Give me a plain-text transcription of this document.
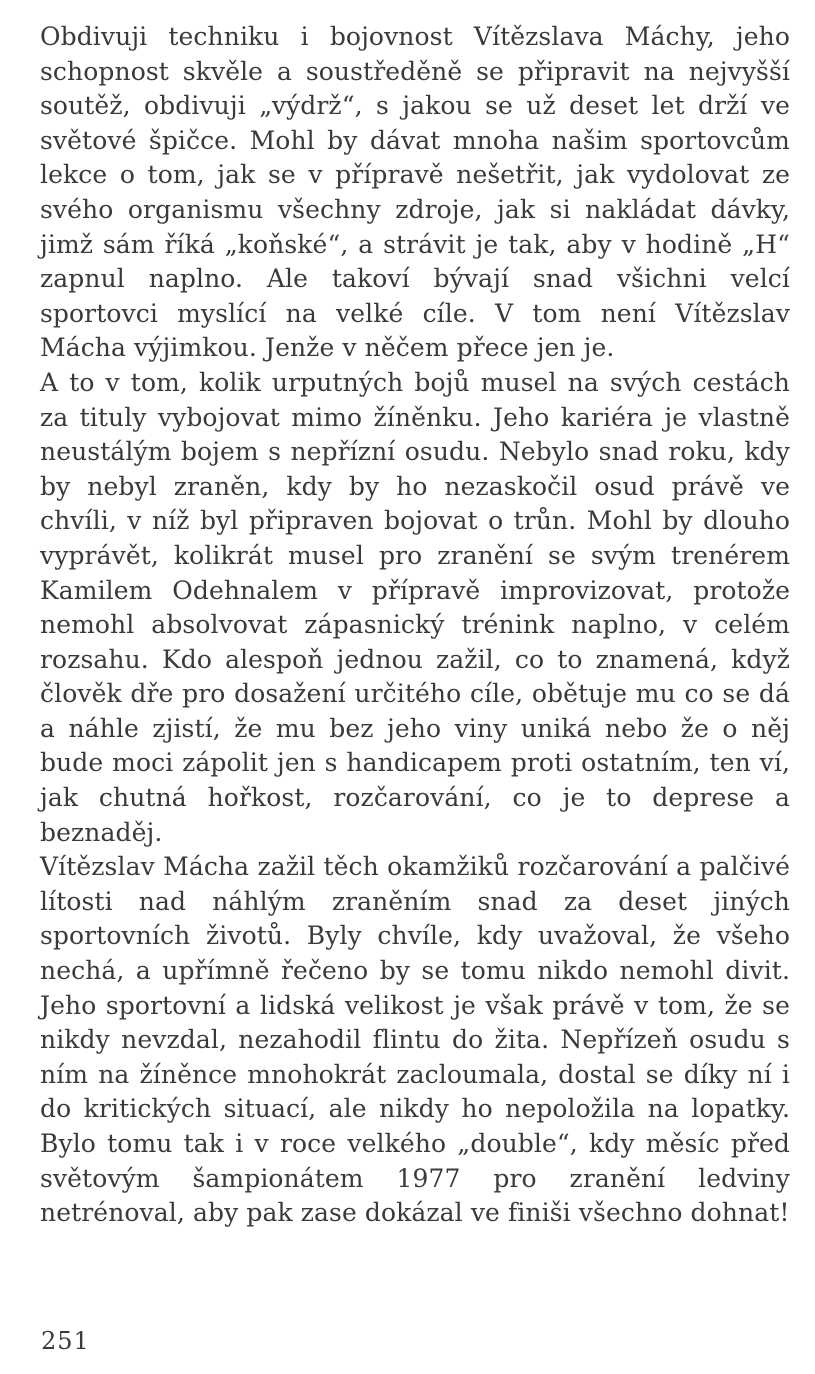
Obdivuji techniku i bojovnost Vítězslava Máchy, jeho schopnost skvěle a soustředěně se připravit na nejvyšší soutěž, obdivuji „výdrž“, s jakou se už deset let drží ve světové špičce. Mohl by dávat mnoha našim sportovcům lekce o tom, jak se v přípravě nešetřit, jak vydolovat ze svého organismu všechny zdroje, jak si nakládat dávky, jimž sám říká „koňské“, a strávit je tak, aby v hodině „H“ zapnul naplno. Ale takoví bývají snad všichni velcí sportovci myslící na velké cíle. V tom není Vítězslav Mácha výjimkou. Jenže v něčem přece jen je.

A to v tom, kolik urputných bojů musel na svých cestách za tituly vybojovat mimo žíněnku. Jeho kariéra je vlastně neustálým bojem s nepřízní osudu. Nebylo snad roku, kdy by nebyl zraněn, kdy by ho nezaskočil osud právě ve chvíli, v níž byl připraven bojovat o trůn. Mohl by dlouho vyprávět, kolikrát musel pro zranění se svým trenérem Kamilem Odehnalem v přípravě improvizovat, protože nemohl absolvovat zápasnický trénink naplno, v celém rozsahu. Kdo alespoň jednou zažil, co to znamená, když člověk dře pro dosažení určitého cíle, obětuje mu co se dá a náhle zjistí, že mu bez jeho viny uniká nebo že o něj bude moci zápolit jen s handicapem proti ostatním, ten ví, jak chutná hořkost, rozčarování, co je to deprese a beznaděj.

Vítězslav Mácha zažil těch okamžiků rozčarování a palčivé lítosti nad náhlým zraněním snad za deset jiných sportovních životů. Byly chvíle, kdy uvažoval, že všeho nechá, a upřímně řečeno by se tomu nikdo nemohl divit. Jeho sportovní a lidská velikost je však právě v tom, že se nikdy nevzdal, nezahodil flintu do žita. Nepřízeň osudu s ním na žíněnce mnohokrát zacloumala, dostal se díky ní i do kritických situací, ale nikdy ho nepoložila na lopatky. Bylo tomu tak i v roce velkého „double“, kdy měsíc před světovým šampionátem 1977 pro zranění ledviny netrénoval, aby pak zase dokázal ve finiši všechno dohnat!

251
